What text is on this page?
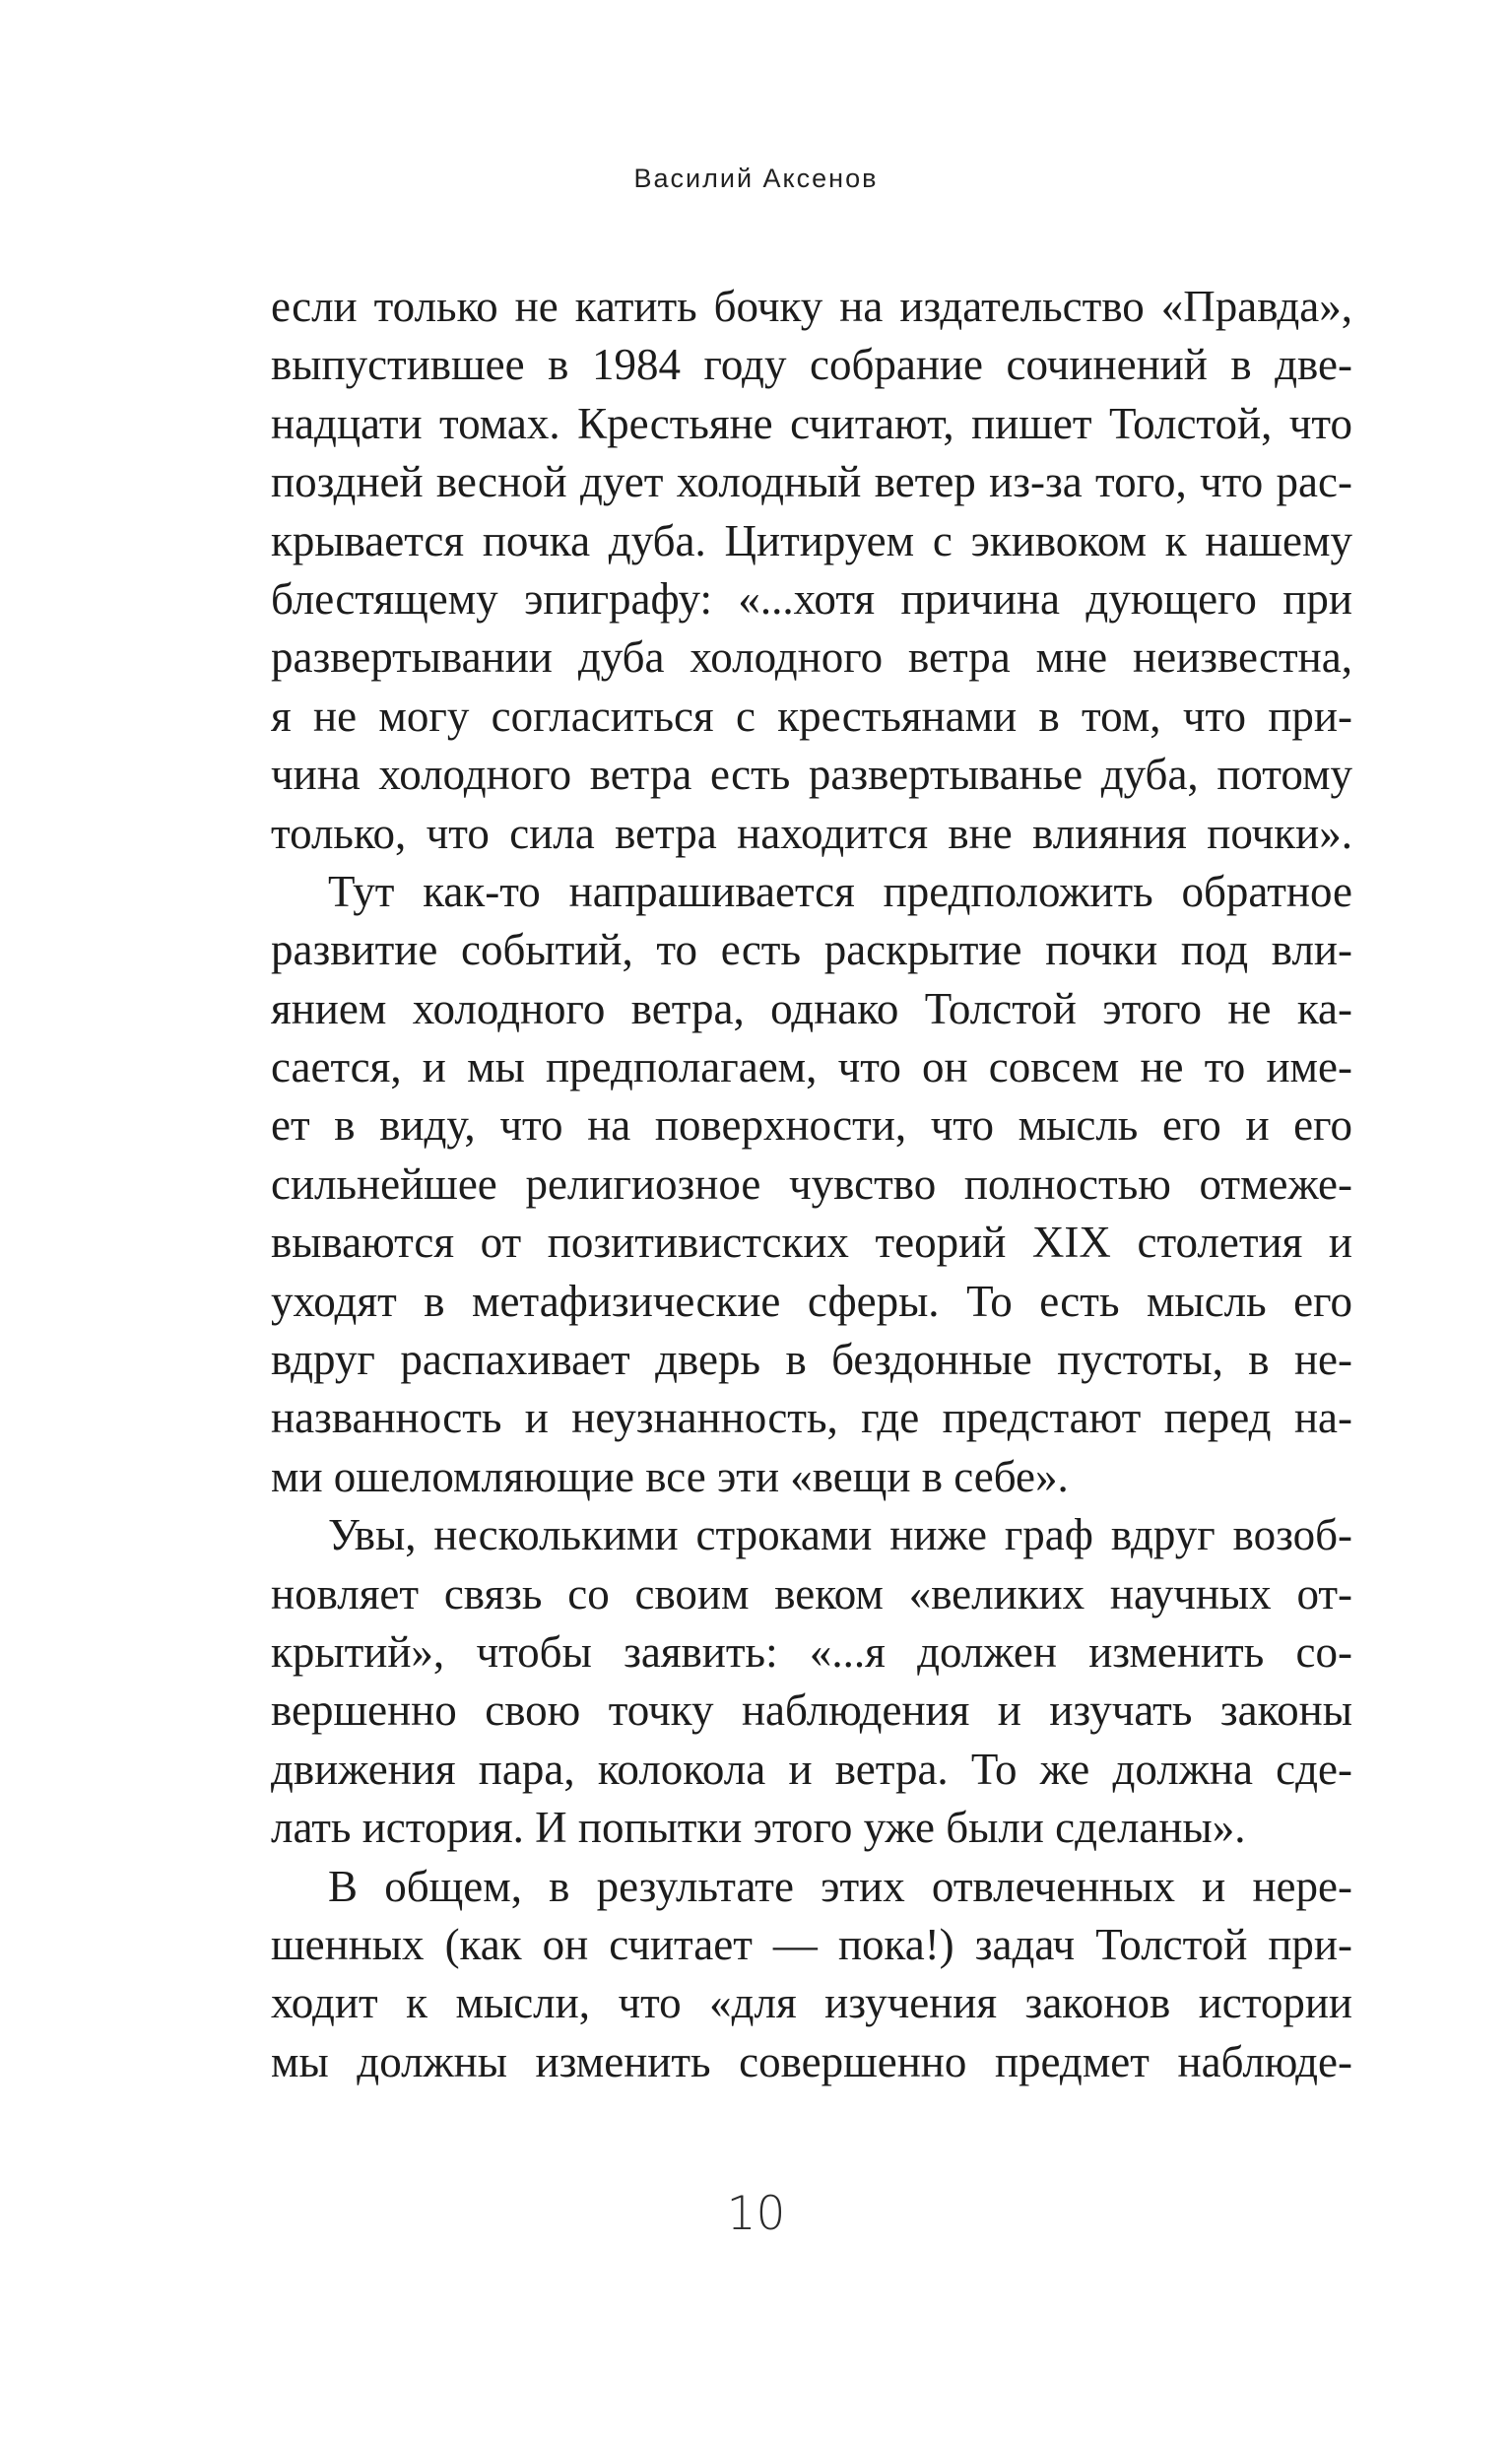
Василий Аксенов
если только не катить бочку на издательство «Правда»,
выпустившее в 1984 году собрание сочинений в две-
надцати томах. Крестьяне считают, пишет Толстой, что
поздней весной дует холодный ветер из-за того, что рас-
крывается почка дуба. Цитируем с экивоком к нашему
блестящему эпиграфу: «...хотя причина дующего при
развертывании дуба холодного ветра мне неизвестна,
я не могу согласиться с крестьянами в том, что при-
чина холодного ветра есть развертыванье дуба, потому
только, что сила ветра находится вне влияния почки».
Тут как-то напрашивается предположить обратное
развитие событий, то есть раскрытие почки под вли-
янием холодного ветра, однако Толстой этого не ка-
сается, и мы предполагаем, что он совсем не то име-
ет в виду, что на поверхности, что мысль его и его
сильнейшее религиозное чувство полностью отмеже-
вываются от позитивистских теорий XIX столетия и
уходят в метафизические сферы. То есть мысль его
вдруг распахивает дверь в бездонные пустоты, в не-
названность и неузнанность, где предстают перед на-
ми ошеломляющие все эти «вещи в себе».
Увы, несколькими строками ниже граф вдруг возоб-
новляет связь со своим веком «великих научных от-
крытий», чтобы заявить: «...я должен изменить со-
вершенно свою точку наблюдения и изучать законы
движения пара, колокола и ветра. То же должна сде-
лать история. И попытки этого уже были сделаны».
В общем, в результате этих отвлеченных и нере-
шенных (как он считает — пока!) задач Толстой при-
ходит к мысли, что «для изучения законов истории
мы должны изменить совершенно предмет наблюде-
10
